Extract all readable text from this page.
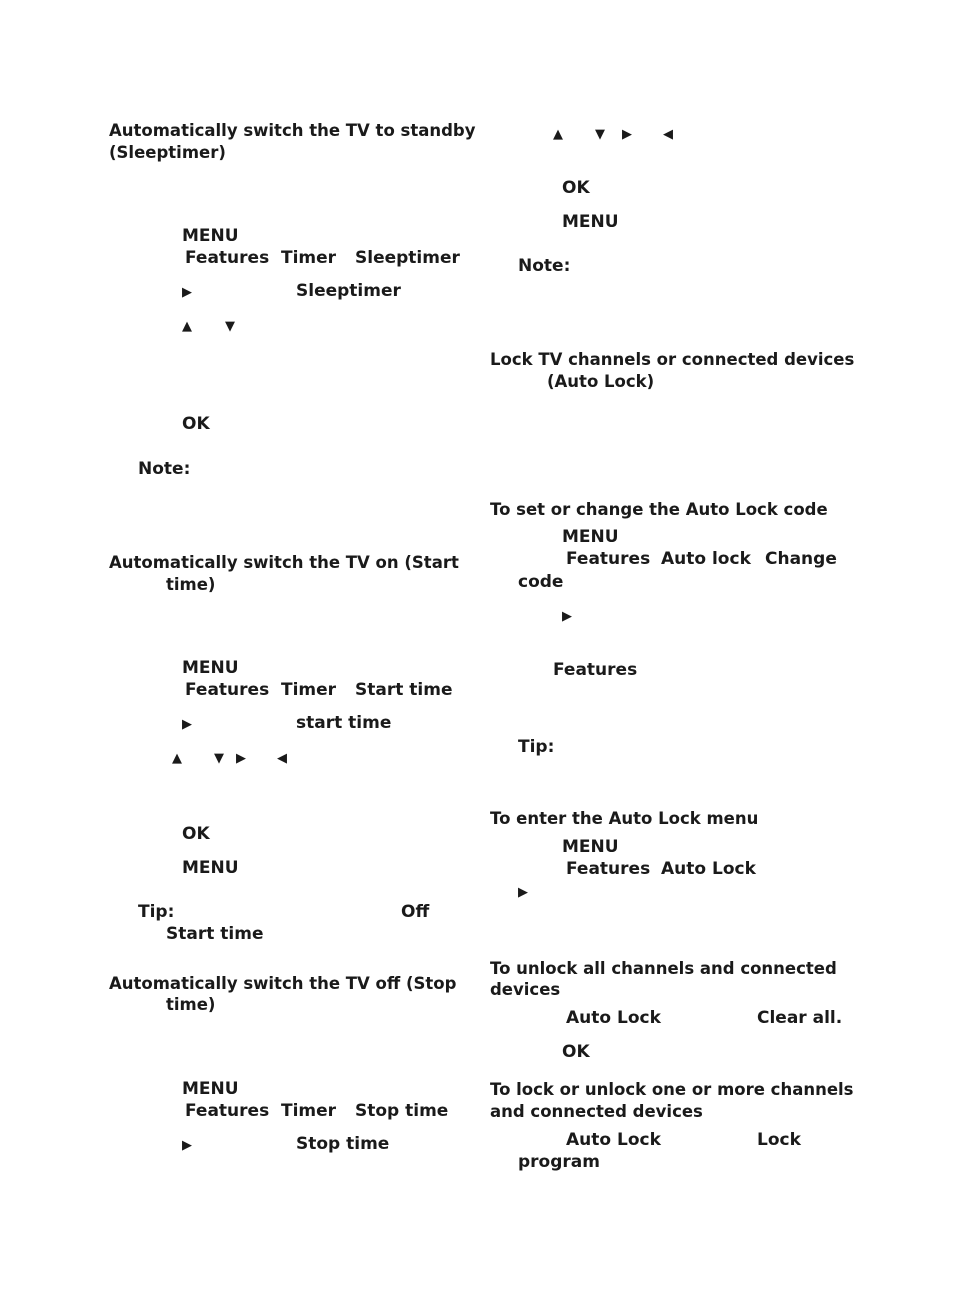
Automatically switch the TV to standby
(Sleeptimer)
MENU
Features Timer Sleeptimer
▶	Sleeptimer
▲	▼
OK
Note:
Automatically switch the TV on (Start
time)
MENU
Features Timer Start time
▶	start time
▲ ▼ ▶ ◀
OK
MENU
Tip:	Off
Start time
Automatically switch the TV off (Stop
time)
MENU
Features Timer Stop time
▶	Stop time
▲ ▼ ▶ ◀
OK
MENU
Note:
Lock TV channels or connected devices
(Auto Lock)
To set or change the Auto Lock code
MENU
Features Auto lock Change
code
▶
Features
Tip:
To enter the Auto Lock menu
MENU
Features Auto Lock
▶
To unlock all channels and connected
devices
Auto Lock	Clear all.
OK
To lock or unlock one or more channels
and connected devices
Auto Lock	Lock
program
